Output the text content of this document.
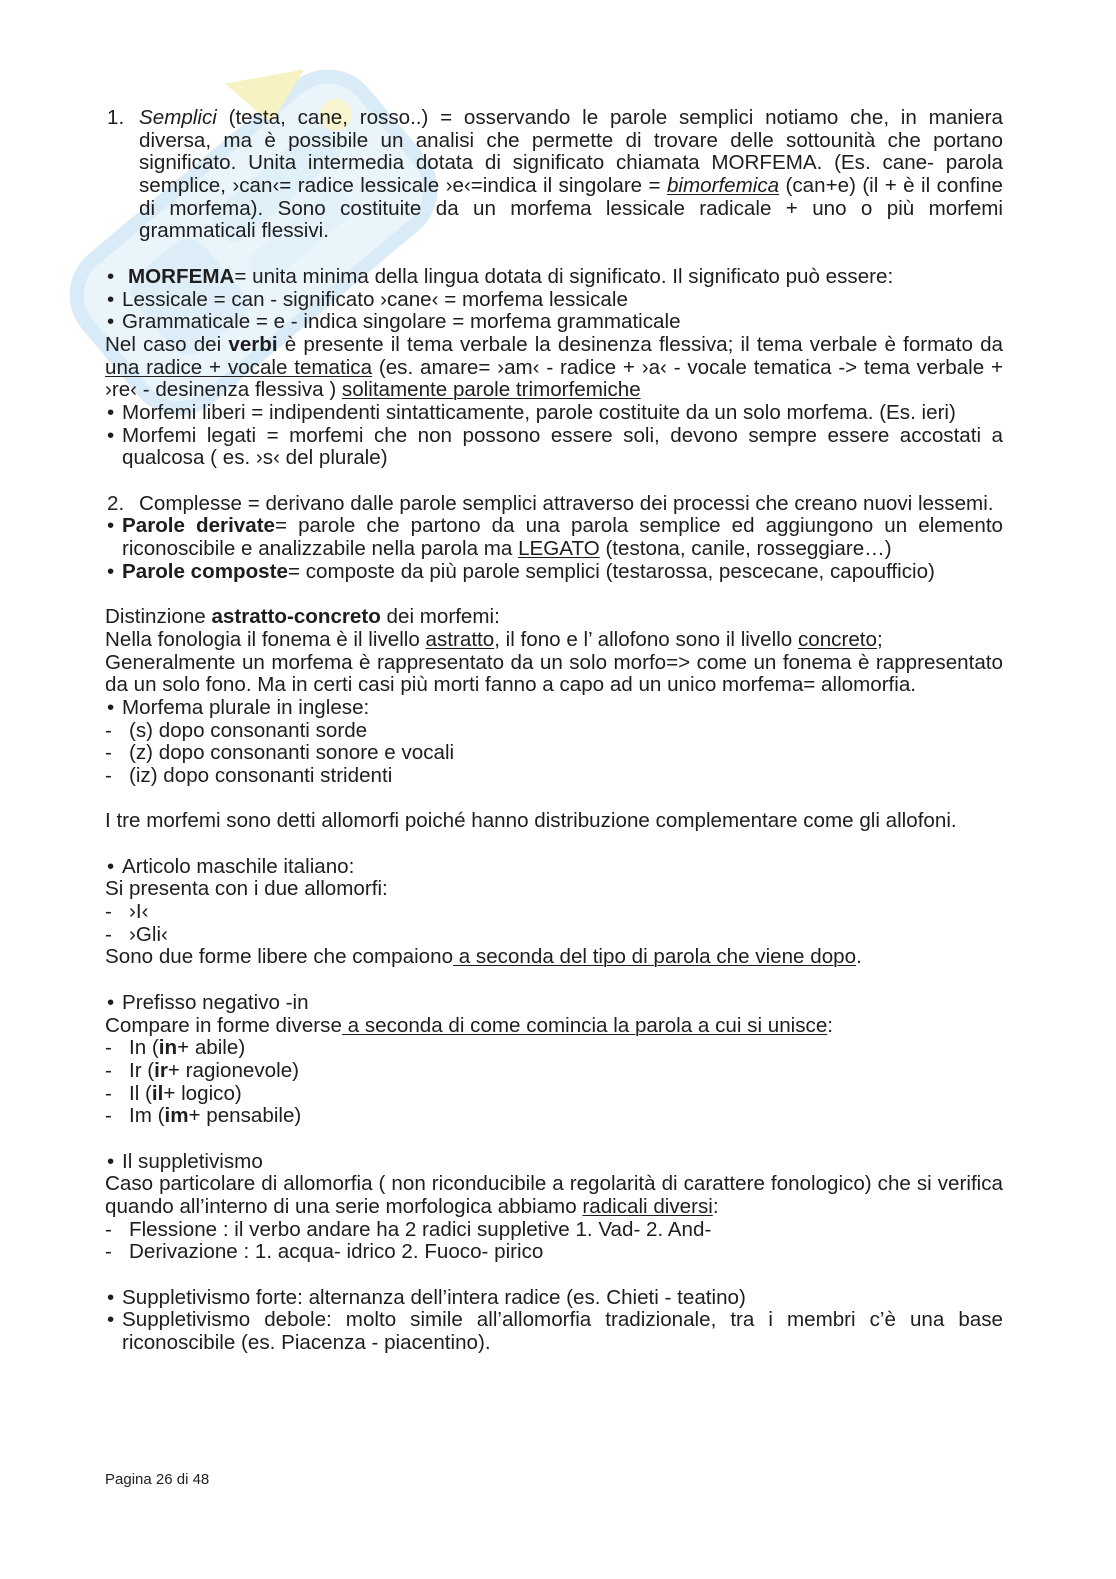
1. Semplici (testa, cane, rosso..) = osservando le parole semplici notiamo che, in maniera
diversa, ma è possibile un analisi che permette di trovare delle sottounità che portano
significato. Unita intermedia dotata di significato chiamata MORFEMA. (Es. cane- parola
semplice, ›can‹= radice lessicale ›e‹=indica il singolare = bimorfemica (can+e) (il + è il confine
di morfema). Sono costituite da un morfema lessicale radicale + uno o più morfemi
grammaticali flessivi.
• MORFEMA= unita minima della lingua dotata di significato. Il significato può essere:
• Lessicale = can - significato ›cane‹ = morfema lessicale
• Grammaticale = e - indica singolare = morfema grammaticale
Nel caso dei verbi è presente il tema verbale la desinenza flessiva; il tema verbale è formato da
una radice + vocale tematica (es. amare= ›am‹ - radice + ›a‹ - vocale tematica -> tema verbale +
›re‹ - desinenza flessiva ) solitamente parole trimorfemiche
• Morfemi liberi = indipendenti sintatticamente, parole costituite da un solo morfema. (Es. ieri)
• Morfemi legati = morfemi che non possono essere soli, devono sempre essere accostati a
qualcosa ( es. ›s‹ del plurale)
2. Complesse = derivano dalle parole semplici attraverso dei processi che creano nuovi lessemi.
• Parole derivate= parole che partono da una parola semplice ed aggiungono un elemento
riconoscibile e analizzabile nella parola ma LEGATO (testona, canile, rosseggiare…)
• Parole composte= composte da più parole semplici (testarossa, pescecane, capoufficio)
Distinzione astratto-concreto dei morfemi:
Nella fonologia il fonema è il livello astratto, il fono e l’ allofono sono il livello concreto;
Generalmente un morfema è rappresentato da un solo morfo=> come un fonema è rappresentato
da un solo fono. Ma in certi casi più morti fanno a capo ad un unico morfema= allomorfia.
• Morfema plurale in inglese:
- (s) dopo consonanti sorde
- (z) dopo consonanti sonore e vocali
- (iz) dopo consonanti stridenti
I tre morfemi sono detti allomorfi poiché hanno distribuzione complementare come gli allofoni.
• Articolo maschile italiano:
Si presenta con i due allomorfi:
- ›I‹
- ›Gli‹
Sono due forme libere che compaiono a seconda del tipo di parola che viene dopo.
• Prefisso negativo -in
Compare in forme diverse a seconda di come comincia la parola a cui si unisce:
- In (in+ abile)
- Ir (ir+ ragionevole)
- Il (il+ logico)
- Im (im+ pensabile)
• Il suppletivismo
Caso particolare di allomorfia ( non riconducibile a regolarità di carattere fonologico) che si verifica
quando all’interno di una serie morfologica abbiamo radicali diversi:
- Flessione : il verbo andare ha 2 radici suppletive 1. Vad- 2. And-
- Derivazione : 1. acqua- idrico 2. Fuoco- pirico
• Suppletivismo forte: alternanza dell’intera radice (es. Chieti - teatino)
• Suppletivismo debole: molto simile all’allomorfia tradizionale, tra i membri c’è una base
riconoscibile (es. Piacenza - piacentino).
Pagina 26 di 48
